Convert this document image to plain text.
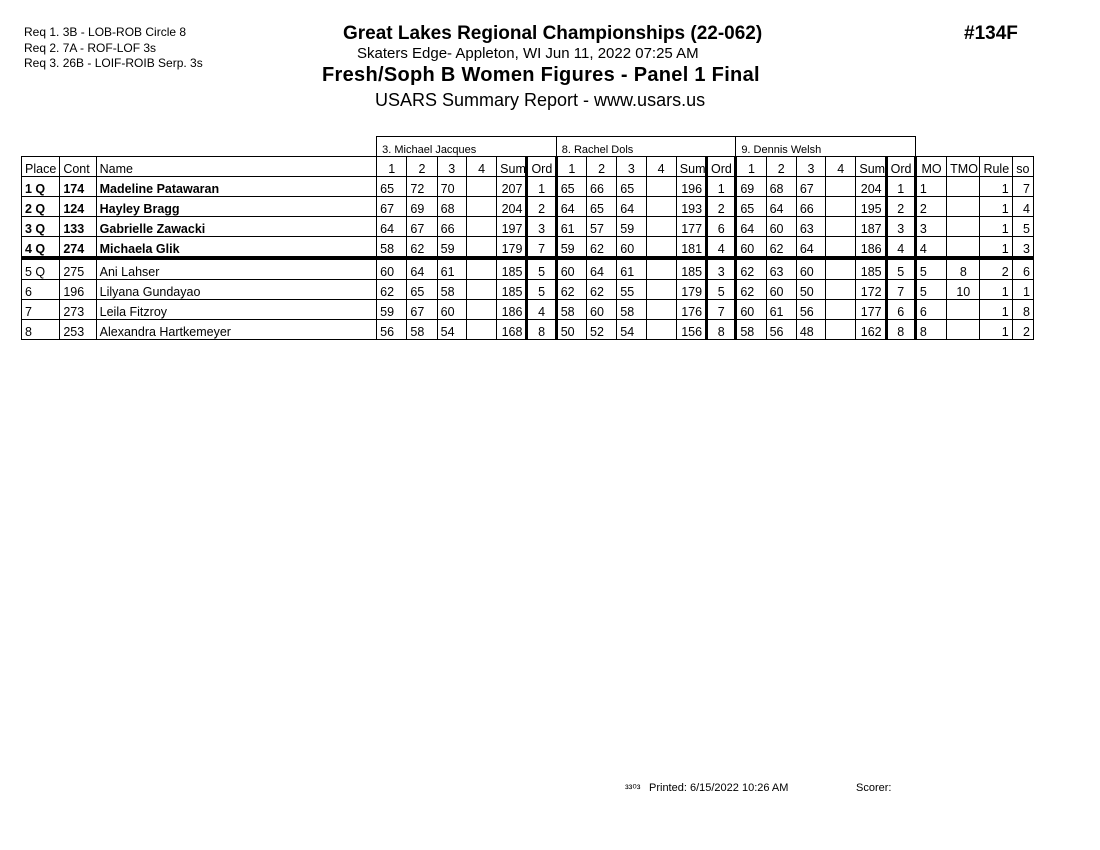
Req 1. 3B - LOB-ROB Circle 8
Req 2. 7A - ROF-LOF 3s
Req 3. 26B - LOIF-ROIB Serp. 3s
Great Lakes Regional Championships (22-062)
Skaters Edge- Appleton, WI Jun 11, 2022 07:25 AM
Fresh/Soph B Women Figures - Panel 1 Final
USARS Summary Report - www.usars.us
#134F
			3. Michael Jacques						8. Rachel Dols						9. Dennis Welsh									
Place	Cont	Name	1	2	3	4	Sum	Ord	1	2	3	4	Sum	Ord	1	2	3	4	Sum	Ord	MO	TMO	Rule	so
1 Q	174	Madeline Patawaran	65	72	70		207	1	65	66	65		196	1	69	68	67		204	1	1		1	7
2 Q	124	Hayley Bragg	67	69	68		204	2	64	65	64		193	2	65	64	66		195	2	2		1	4
3 Q	133	Gabrielle Zawacki	64	67	66		197	3	61	57	59		177	6	64	60	63		187	3	3		1	5
4 Q	274	Michaela Glik	58	62	59		179	7	59	62	60		181	4	60	62	64		186	4	4		1	3
5 Q	275	Ani Lahser	60	64	61		185	5	60	64	61		185	3	62	63	60		185	5	5	8	2	6
6	196	Lilyana Gundayao	62	65	58		185	5	62	62	55		179	5	62	60	50		172	7	5	10	1	1
7	273	Leila Fitzroy	59	67	60		186	4	58	60	58		176	7	60	61	56		177	6	6		1	8
8	253	Alexandra Hartkemeyer	56	58	54		168	8	50	52	54		156	8	58	56	48		162	8	8		1	2
³³⁰³ Printed: 6/15/2022 10:26 AM	Scorer:
